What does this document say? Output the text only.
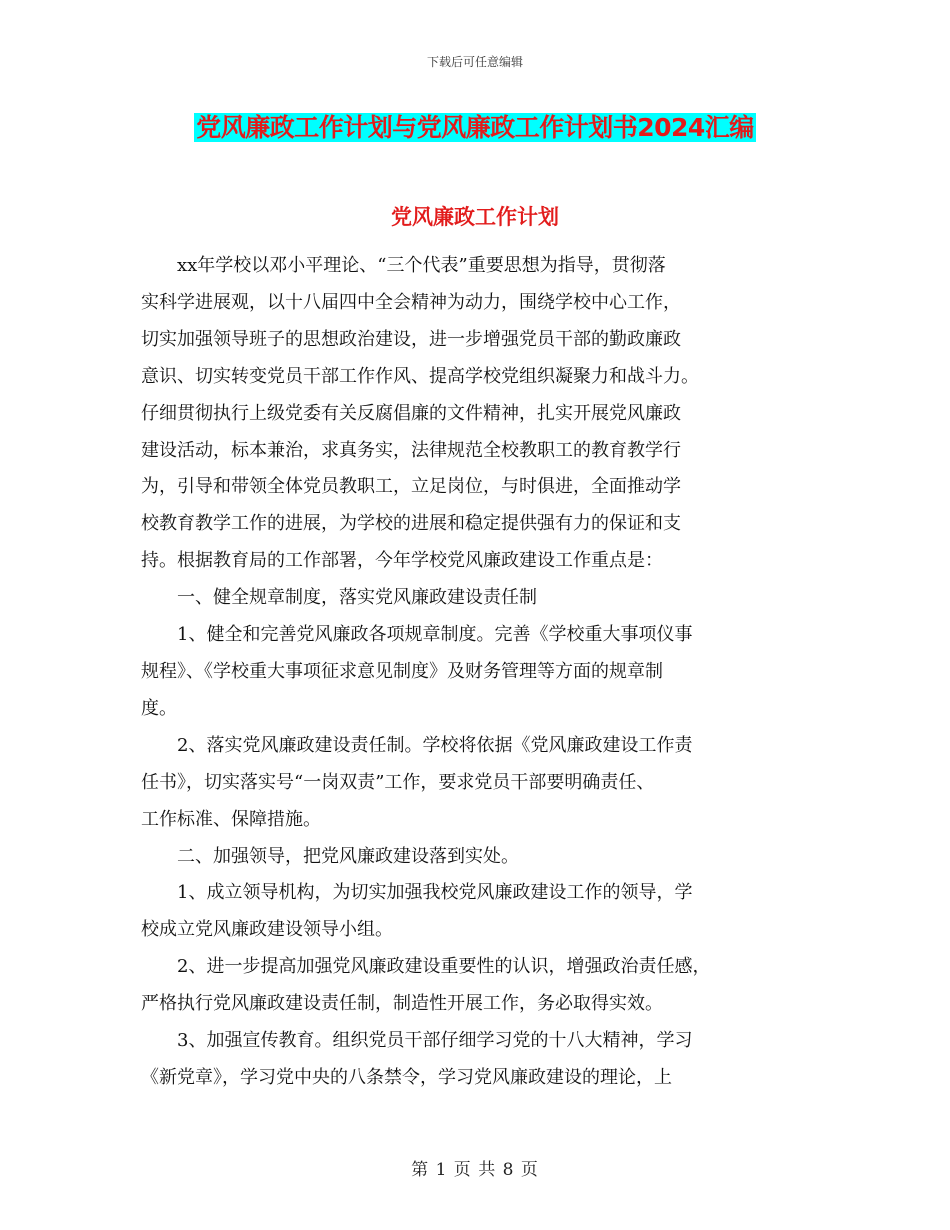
下载后可任意编辑
党风廉政工作计划与党风廉政工作计划书2024汇编
党风廉政工作计划

　　xx年学校以邓小平理论、“三个代表”重要思想为指导，贯彻落

实科学进展观，以十八届四中全会精神为动力，围绕学校中心工作，

切实加强领导班子的思想政治建设，进一步增强党员干部的勤政廉政

意识、切实转变党员干部工作作风、提高学校党组织凝聚力和战斗力。

仔细贯彻执行上级党委有关反腐倡廉的文件精神，扎实开展党风廉政

建设活动，标本兼治，求真务实，法律规范全校教职工的教育教学行

为，引导和带领全体党员教职工，立足岗位，与时俱进，全面推动学

校教育教学工作的进展，为学校的进展和稳定提供强有力的保证和支

持。根据教育局的工作部署，今年学校党风廉政建设工作重点是：

　　一、健全规章制度，落实党风廉政建设责任制

　　1、健全和完善党风廉政各项规章制度。完善《学校重大事项仪事

规程》、《学校重大事项征求意见制度》及财务管理等方面的规章制

度。

　　2、落实党风廉政建设责任制。学校将依据《党风廉政建设工作责

任书》，切实落实号“一岗双责”工作，要求党员干部要明确责任、

工作标准、保障措施。

　　二、加强领导，把党风廉政建设落到实处。

　　1、成立领导机构，为切实加强我校党风廉政建设工作的领导，学

校成立党风廉政建设领导小组。

　　2、进一步提高加强党风廉政建设重要性的认识，增强政治责任感，

严格执行党风廉政建设责任制，制造性开展工作，务必取得实效。

　　3、加强宣传教育。组织党员干部仔细学习党的十八大精神，学习

《新党章》，学习党中央的八条禁令，学习党风廉政建设的理论，上

第 1 页 共 8 页
